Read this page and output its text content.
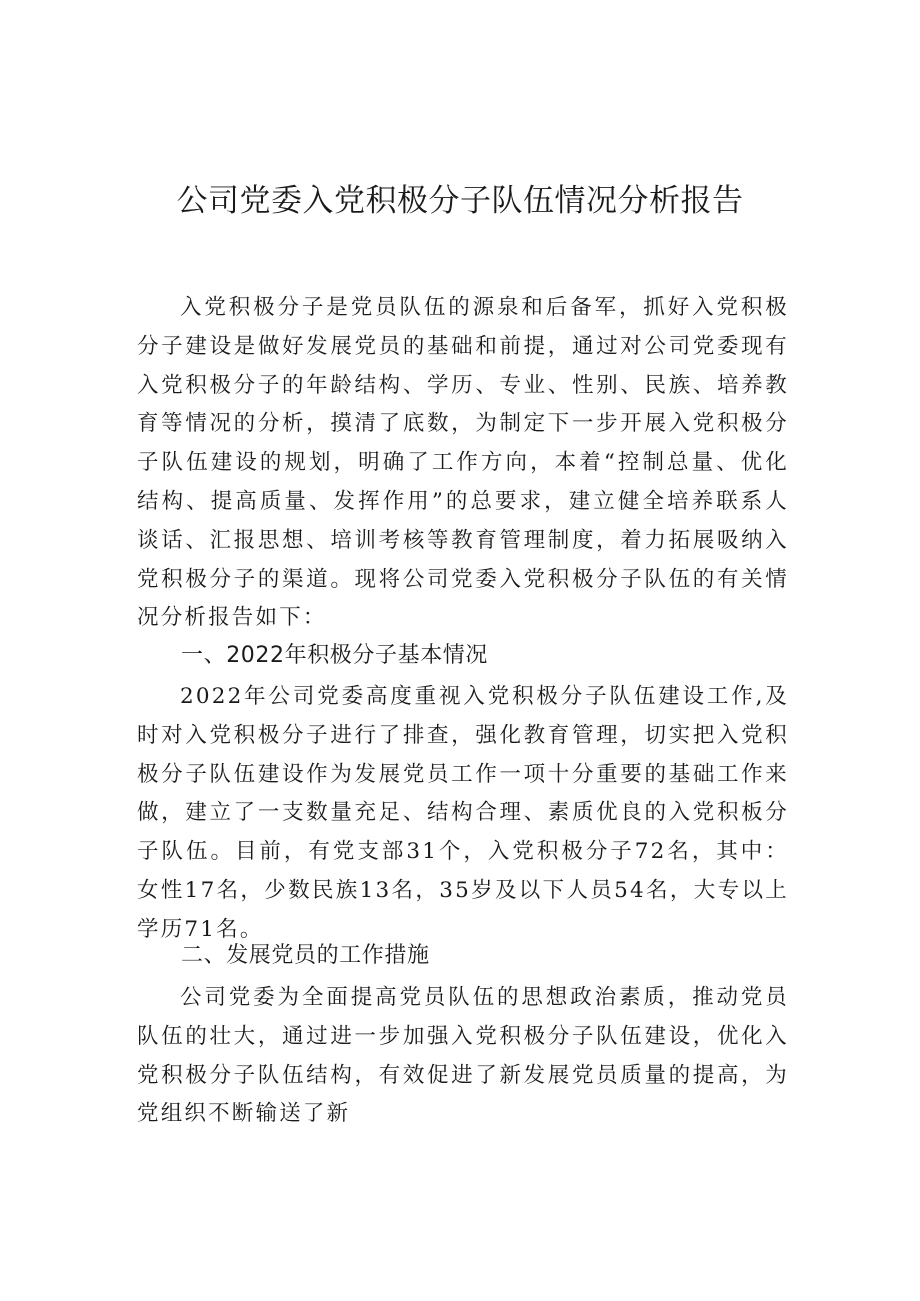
公司党委入党积极分子队伍情况分析报告

入党积极分子是党员队伍的源泉和后备军，抓好入党积极分子建设是做好发展党员的基础和前提，通过对公司党委现有入党积极分子的年龄结构、学历、专业、性别、民族、培养教育等情况的分析，摸清了底数，为制定下一步开展入党积极分子队伍建设的规划，明确了工作方向，本着“控制总量、优化结构、提高质量、发挥作用”的总要求，建立健全培养联系人谈话、汇报思想、培训考核等教育管理制度，着力拓展吸纳入党积极分子的渠道。现将公司党委入党积极分子队伍的有关情况分析报告如下：

一、2022年积极分子基本情况

2022年公司党委高度重视入党积极分子队伍建设工作,及时对入党积极分子进行了排查，强化教育管理，切实把入党积极分子队伍建设作为发展党员工作一项十分重要的基础工作来做，建立了一支数量充足、结构合理、素质优良的入党积板分子队伍。目前，有党支部31个，入党积极分子72名，其中：女性17名，少数民族13名，35岁及以下人员54名，大专以上学历71名。

二、发展党员的工作措施

公司党委为全面提高党员队伍的思想政治素质，推动党员队伍的壮大，通过进一步加强入党积极分子队伍建设，优化入党积极分子队伍结构，有效促进了新发展党员质量的提高，为党组织不断输送了新
